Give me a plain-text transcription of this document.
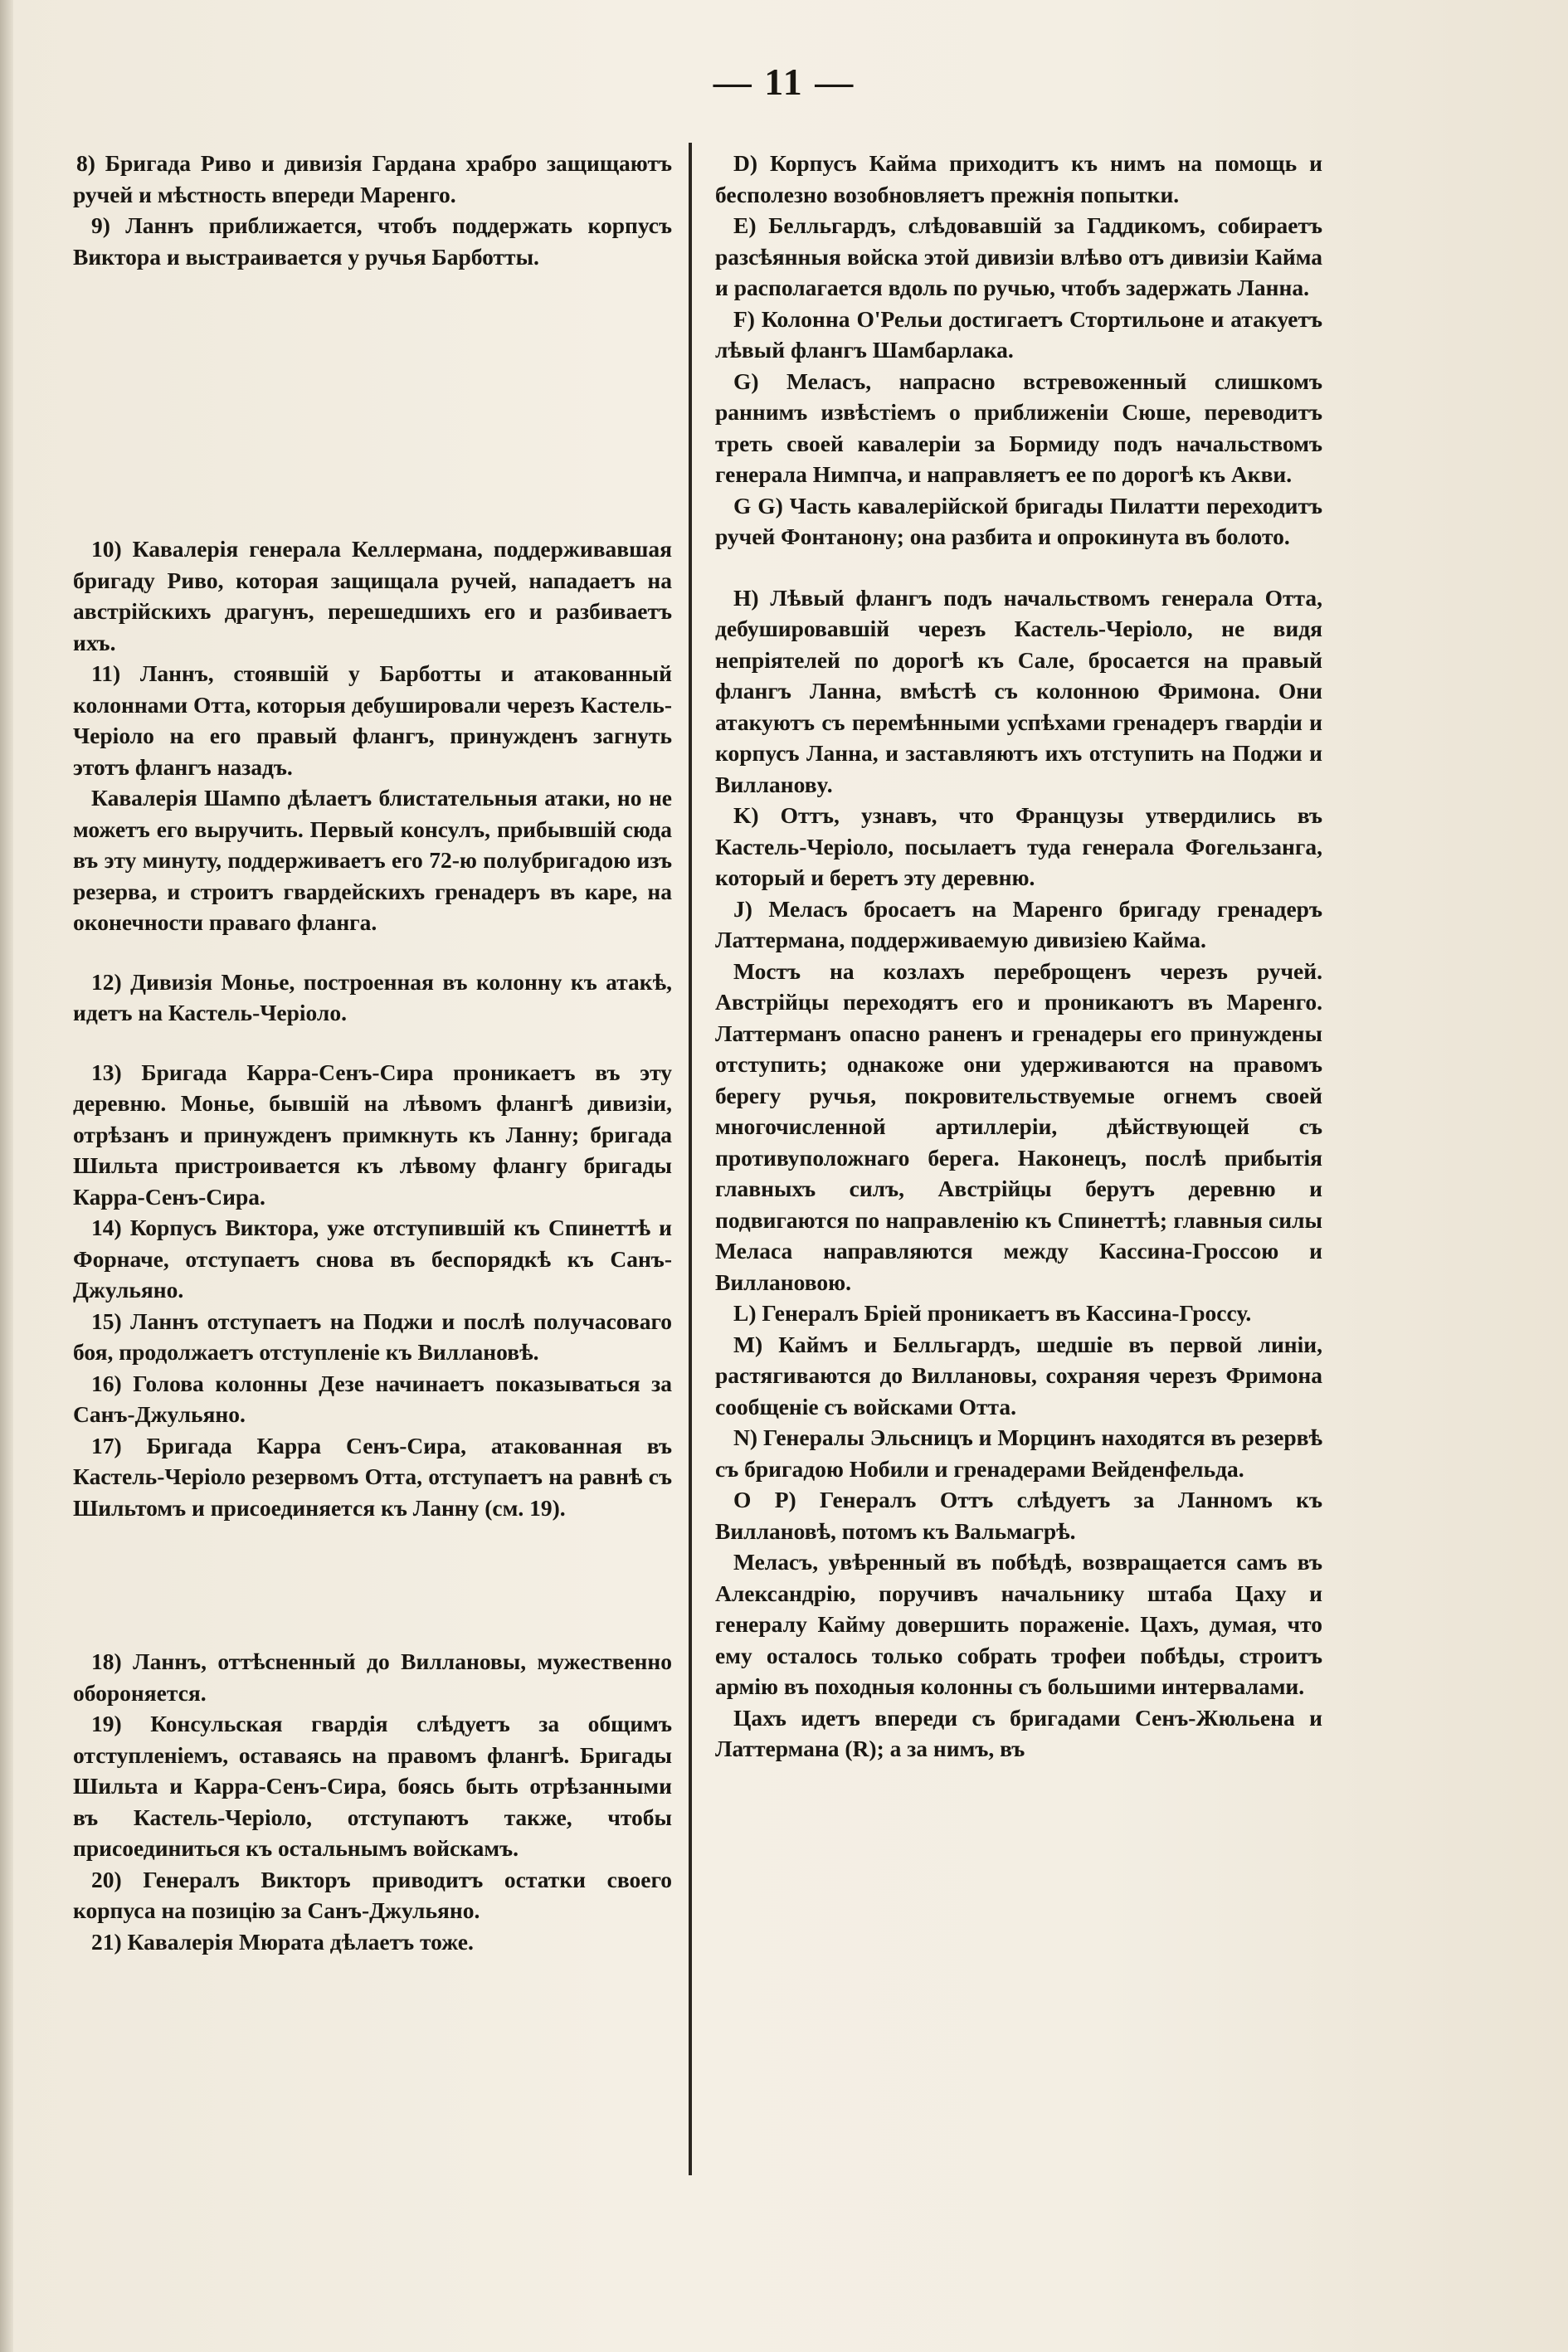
— 11 —

8) Бригада Риво и дивизія Гардана храбро защищаютъ ручей и мѣстность впереди Маренго.

9) Ланнъ приближается, чтобъ поддержать корпусъ Виктора и выстраивается у ручья Барботты.

10) Кавалерія генерала Келлермана, поддерживавшая бригаду Риво, которая защищала ручей, нападаетъ на австрійскихъ драгунъ, перешедшихъ его и разбиваетъ ихъ.

11) Ланнъ, стоявшій у Барботты и атакованный колоннами Отта, которыя дебушировали черезъ Кастель-Черіоло на его правый флангъ, принужденъ загнуть этотъ флангъ назадъ.

Кавалерія Шампо дѣлаетъ блистательныя атаки, но не можетъ его выручить. Первый консулъ, прибывшій сюда въ эту минуту, поддерживаетъ его 72-ю полубригадою изъ резерва, и строитъ гвардейскихъ гренадеръ въ каре, на оконечности праваго фланга.

12) Дивизія Монье, построенная въ колонну къ атакѣ, идетъ на Кастель-Черіоло.

13) Бригада Карра-Сенъ-Сира проникаетъ въ эту деревню. Монье, бывшій на лѣвомъ флангѣ дивизіи, отрѣзанъ и принужденъ примкнуть къ Ланну; бригада Шильта пристроивается къ лѣвому флангу бригады Карра-Сенъ-Сира.

14) Корпусъ Виктора, уже отступившій къ Спинеттѣ и Форначе, отступаетъ снова въ беспорядкѣ къ Санъ-Джульяно.

15) Ланнъ отступаетъ на Поджи и послѣ получасоваго боя, продолжаетъ отступленіе къ Виллановѣ.

16) Голова колонны Дезе начинаетъ показываться за Санъ-Джульяно.

17) Бригада Карра Сенъ-Сира, атакованная въ Кастель-Черіоло резервомъ Отта, отступаетъ на равнѣ съ Шильтомъ и присоединяется къ Ланну (см. 19).

18) Ланнъ, оттѣсненный до Виллановы, мужественно обороняется.

19) Консульская гвардія слѣдуетъ за общимъ отступленіемъ, оставаясь на правомъ флангѣ. Бригады Шильта и Карра-Сенъ-Сира, боясь быть отрѣзанными въ Кастель-Черіоло, отступаютъ также, чтобы присоединиться къ остальнымъ войскамъ.

20) Генералъ Викторъ приводитъ остатки своего корпуса на позицію за Санъ-Джульяно.

21) Кавалерія Мюрата дѣлаетъ тоже.

D) Корпусъ Кайма приходитъ къ нимъ на помощь и бесполезно возобновляетъ прежнія попытки.

E) Белльгардъ, слѣдовавшій за Гаддикомъ, собираетъ разсѣянныя войска этой дивизіи влѣво отъ дивизіи Кайма и располагается вдоль по ручью, чтобъ задержать Ланна.

F) Колонна О'Рельи достигаетъ Стортильоне и атакуетъ лѣвый флангъ Шамбарлака.

G) Меласъ, напрасно встревоженный слишкомъ раннимъ извѣстіемъ о приближеніи Сюше, переводитъ треть своей кавалеріи за Бормиду подъ начальствомъ генерала Нимпча, и направляетъ ее по дорогѣ къ Акви.

G G) Часть кавалерійской бригады Пилатти переходитъ ручей Фонтанону; она разбита и опрокинута въ болото.

H) Лѣвый флангъ подъ начальствомъ генерала Отта, дебушировавшій черезъ Кастель-Черіоло, не видя непріятелей по дорогѣ къ Сале, бросается на правый флангъ Ланна, вмѣстѣ съ колонною Фримона. Они атакуютъ съ перемѣнными успѣхами гренадеръ гвардіи и корпусъ Ланна, и заставляютъ ихъ отступить на Поджи и Виллановy.

K) Оттъ, узнавъ, что Французы утвердились въ Кастель-Черіоло, посылаетъ туда генерала Фогельзанга, который и беретъ эту деревню.

J) Меласъ бросаетъ на Маренго бригаду гренадеръ Латтермана, поддерживаемую дивизіею Кайма.

Мостъ на козлахъ переброщенъ черезъ ручей. Австрійцы переходятъ его и проникаютъ въ Маренго. Латтерманъ опасно раненъ и гренадеры его принуждены отступить; однакоже они удерживаются на правомъ берегу ручья, покровительствуемые огнемъ своей многочисленной артиллеріи, дѣйствующей съ противуположнаго берега. Наконецъ, послѣ прибытія главныхъ силъ, Австрійцы берутъ деревню и подвигаются по направленію къ Спинеттѣ; главныя силы Меласа направляются между Кассина-Гроссою и Виллановою.

L) Генералъ Бріей проникаетъ въ Кассина-Гроссу.

M) Каймъ и Белльгардъ, шедшіе въ первой линіи, растягиваются до Виллановы, сохраняя черезъ Фримона сообщеніе съ войсками Отта.

N) Генералы Эльсницъ и Морцинъ находятся въ резервѣ съ бригадою Нобили и гренадерами Вейденфельда.

O P) Генералъ Оттъ слѣдуетъ за Ланномъ къ Виллановѣ, потомъ къ Вальмагрѣ.

Меласъ, увѣренный въ побѣдѣ, возвращается самъ въ Александрію, поручивъ начальнику штаба Цаху и генералу Кайму довершить пораженіе. Цахъ, думая, что ему осталось только собрать трофеи побѣды, строитъ армію въ походныя колонны съ большими интервалами.

Цахъ идетъ впереди съ бригадами Сенъ-Жюльена и Латтермана (R); а за нимъ, въ
